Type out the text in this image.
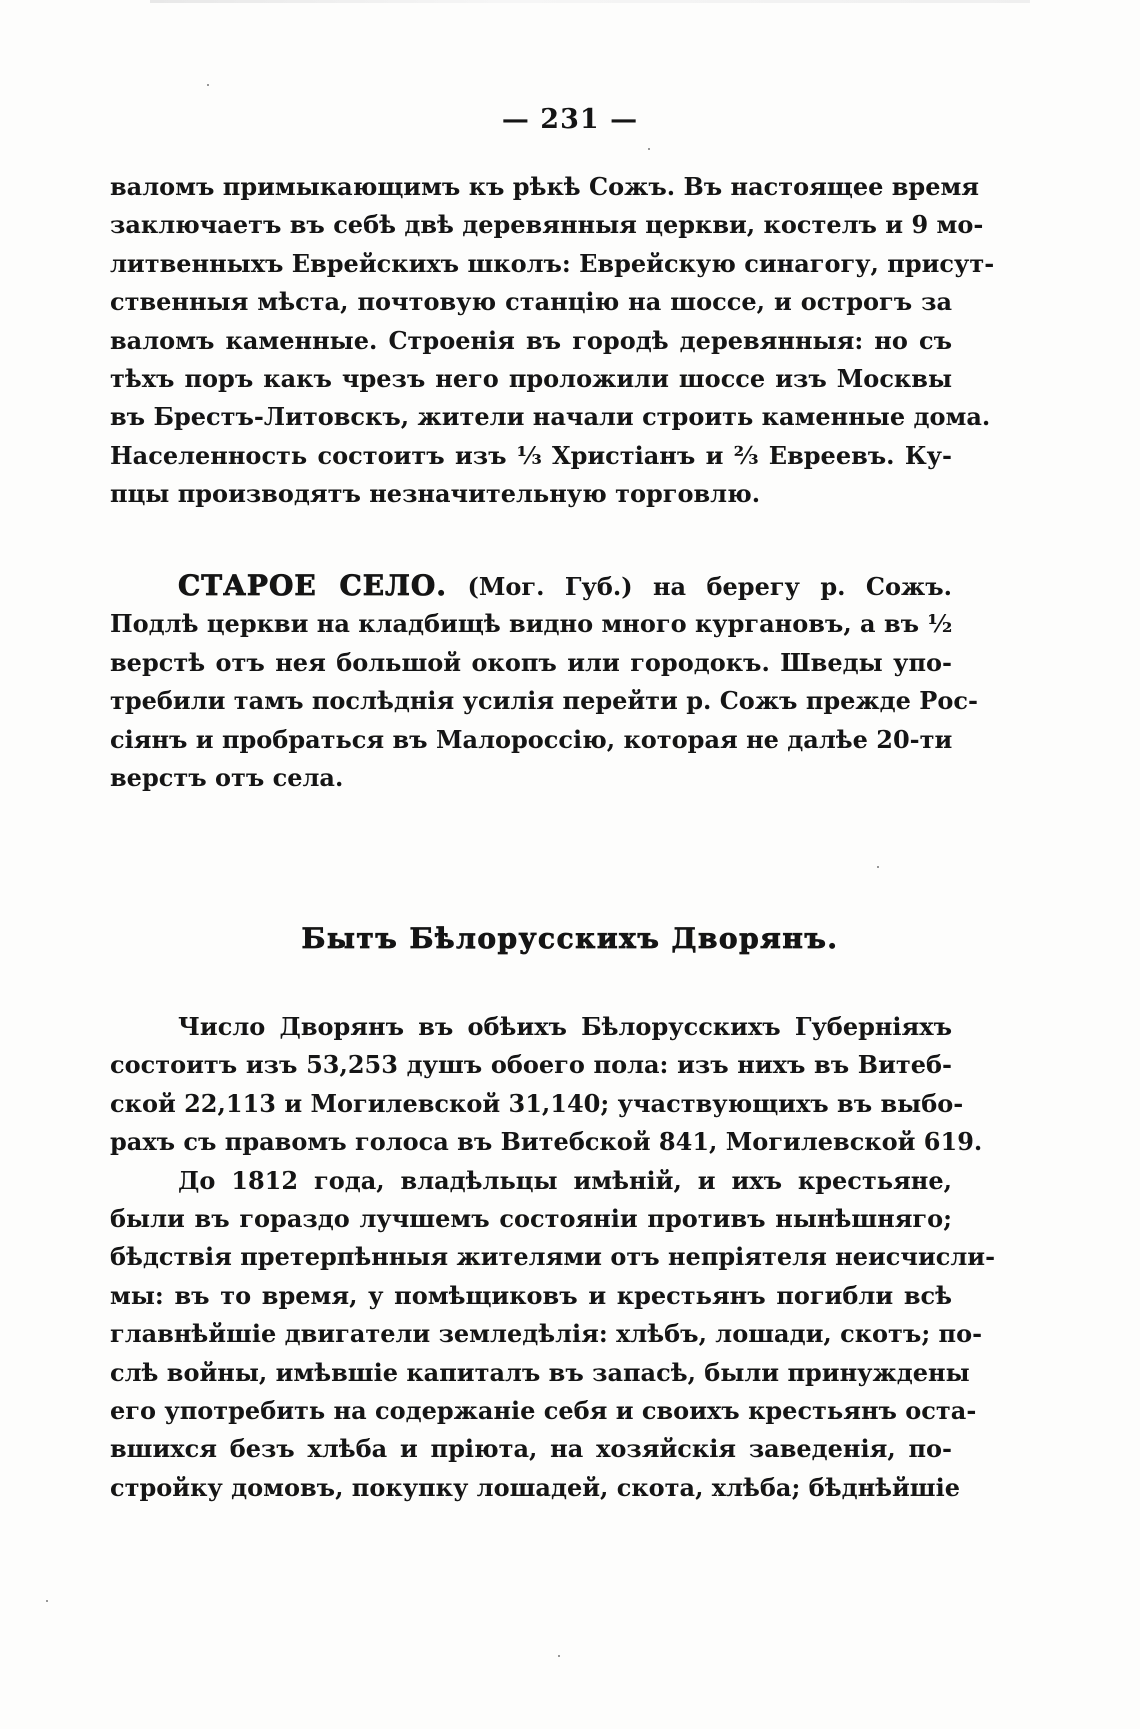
— 231 —
валомъ примыкающимъ къ рѣкѣ Сожъ. Въ настоящее время
заключаетъ въ себѣ двѣ деревянныя церкви, костелъ и 9 мо-
литвенныхъ Еврейскихъ школъ: Еврейскую синагогу, присут-
ственныя мѣста, почтовую станцію на шоссе, и острогъ за
валомъ каменные. Строенія въ городѣ деревянныя: но съ
тѣхъ поръ какъ чрезъ него проложили шоссе изъ Москвы
въ Брестъ-Литовскъ, жители начали строить каменные дома.
Населенность состоитъ изъ ⅓ Христіанъ и ⅔ Евреевъ. Ку-
пцы производятъ незначительную торговлю.
СТАРОЕ СЕЛО. (Мог. Губ.) на берегу р. Сожъ.
Подлѣ церкви на кладбищѣ видно много кургановъ, а въ ½
верстѣ отъ нея большой окопъ или городокъ. Шведы упо-
требили тамъ послѣднія усилія перейти р. Сожъ прежде Рос-
сіянъ и пробраться въ Малороссію, которая не далѣе 20-ти
верстъ отъ села.
Бытъ Бѣлорусскихъ Дворянъ.
Число Дворянъ въ обѣихъ Бѣлорусскихъ Губерніяхъ
состоитъ изъ 53,253 душъ обоего пола: изъ нихъ въ Витеб-
ской 22,113 и Могилевской 31,140; участвующихъ въ выбо-
рахъ съ правомъ голоса въ Витебской 841, Могилевской 619.
До 1812 года, владѣльцы имѣній, и ихъ крестьяне,
были въ гораздо лучшемъ состояніи противъ нынѣшняго;
бѣдствія претерпѣнныя жителями отъ непріятеля неисчисли-
мы: въ то время, у помѣщиковъ и крестьянъ погибли всѣ
главнѣйшіе двигатели земледѣлія: хлѣбъ, лошади, скотъ; по-
слѣ войны, имѣвшіе капиталъ въ запасѣ, были принуждены
его употребить на содержаніе себя и своихъ крестьянъ оста-
вшихся безъ хлѣба и пріюта, на хозяйскія заведенія, по-
стройку домовъ, покупку лошадей, скота, хлѣба; бѣднѣйшіе
